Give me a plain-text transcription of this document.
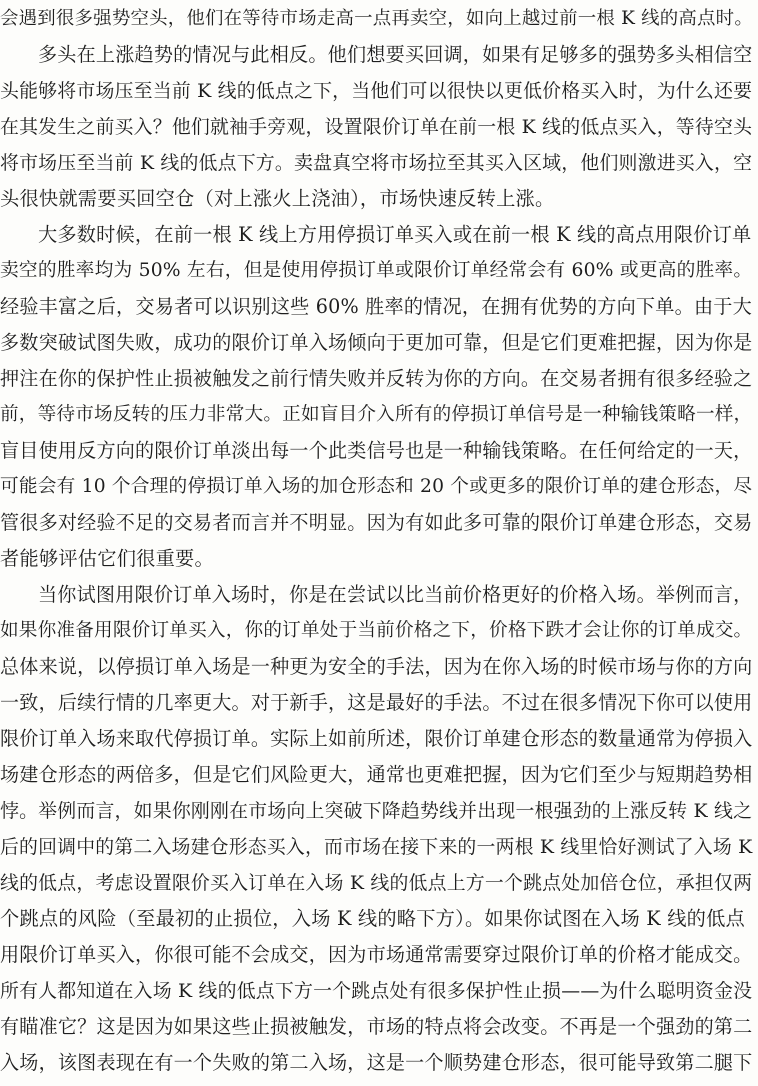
会遇到很多强势空头，他们在等待市场走高一点再卖空，如向上越过前一根 K 线的高点时。
多头在上涨趋势的情况与此相反。他们想要买回调，如果有足够多的强势多头相信空
头能够将市场压至当前 K 线的低点之下，当他们可以很快以更低价格买入时，为什么还要
在其发生之前买入？他们就袖手旁观，设置限价订单在前一根 K 线的低点买入，等待空头
将市场压至当前 K 线的低点下方。卖盘真空将市场拉至其买入区域，他们则激进买入，空
头很快就需要买回空仓（对上涨火上浇油），市场快速反转上涨。
大多数时候，在前一根 K 线上方用停损订单买入或在前一根 K 线的高点用限价订单
卖空的胜率均为 50% 左右，但是使用停损订单或限价订单经常会有 60% 或更高的胜率。
经验丰富之后，交易者可以识别这些 60% 胜率的情况，在拥有优势的方向下单。由于大
多数突破试图失败，成功的限价订单入场倾向于更加可靠，但是它们更难把握，因为你是
押注在你的保护性止损被触发之前行情失败并反转为你的方向。在交易者拥有很多经验之
前，等待市场反转的压力非常大。正如盲目介入所有的停损订单信号是一种输钱策略一样，
盲目使用反方向的限价订单淡出每一个此类信号也是一种输钱策略。在任何给定的一天，
可能会有 10 个合理的停损订单入场的加仓形态和 20 个或更多的限价订单的建仓形态，尽
管很多对经验不足的交易者而言并不明显。因为有如此多可靠的限价订单建仓形态，交易
者能够评估它们很重要。
当你试图用限价订单入场时，你是在尝试以比当前价格更好的价格入场。举例而言，
如果你准备用限价订单买入，你的订单处于当前价格之下，价格下跌才会让你的订单成交。
总体来说，以停损订单入场是一种更为安全的手法，因为在你入场的时候市场与你的方向
一致，后续行情的几率更大。对于新手，这是最好的手法。不过在很多情况下你可以使用
限价订单入场来取代停损订单。实际上如前所述，限价订单建仓形态的数量通常为停损入
场建仓形态的两倍多，但是它们风险更大，通常也更难把握，因为它们至少与短期趋势相
悖。举例而言，如果你刚刚在市场向上突破下降趋势线并出现一根强劲的上涨反转 K 线之
后的回调中的第二入场建仓形态买入，而市场在接下来的一两根 K 线里恰好测试了入场 K
线的低点，考虑设置限价买入订单在入场 K 线的低点上方一个跳点处加倍仓位，承担仅两
个跳点的风险（至最初的止损位，入场 K 线的略下方）。如果你试图在入场 K 线的低点
用限价订单买入，你很可能不会成交，因为市场通常需要穿过限价订单的价格才能成交。
所有人都知道在入场 K 线的低点下方一个跳点处有很多保护性止损——为什么聪明资金没
有瞄准它？这是因为如果这些止损被触发，市场的特点将会改变。不再是一个强劲的第二
入场，该图表现在有一个失败的第二入场，这是一个顺势建仓形态，很可能导致第二腿下
